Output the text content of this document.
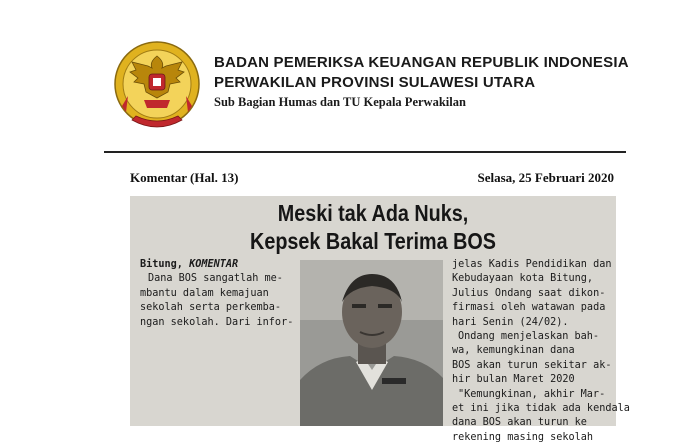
BADAN PEMERIKSA KEUANGAN REPUBLIK INDONESIA
PERWAKILAN PROVINSI SULAWESI UTARA
Sub Bagian Humas dan TU Kepala Perwakilan
Komentar (Hal. 13)	Selasa, 25 Februari 2020
Meski tak Ada Nuks,
Kepsek Bakal Terima BOS

Bitung, KOMENTAR

Dana BOS sangatlah me-

mbantu dalam kemajuan

sekolah serta perkemba-

ngan sekolah. Dari infor-

jelas Kadis Pendidikan dan

Kebudayaan kota Bitung,

Julius Ondang saat dikon-

firmasi oleh watawan pada

hari Senin (24/02).

Ondang menjelaskan bah-

wa, kemungkinan dana

BOS akan turun sekitar ak-

hir bulan Maret 2020

"Kemungkinan, akhir Mar-

et ini jika tidak ada kendala

dana BOS akan turun ke

rekening masing sekolah
